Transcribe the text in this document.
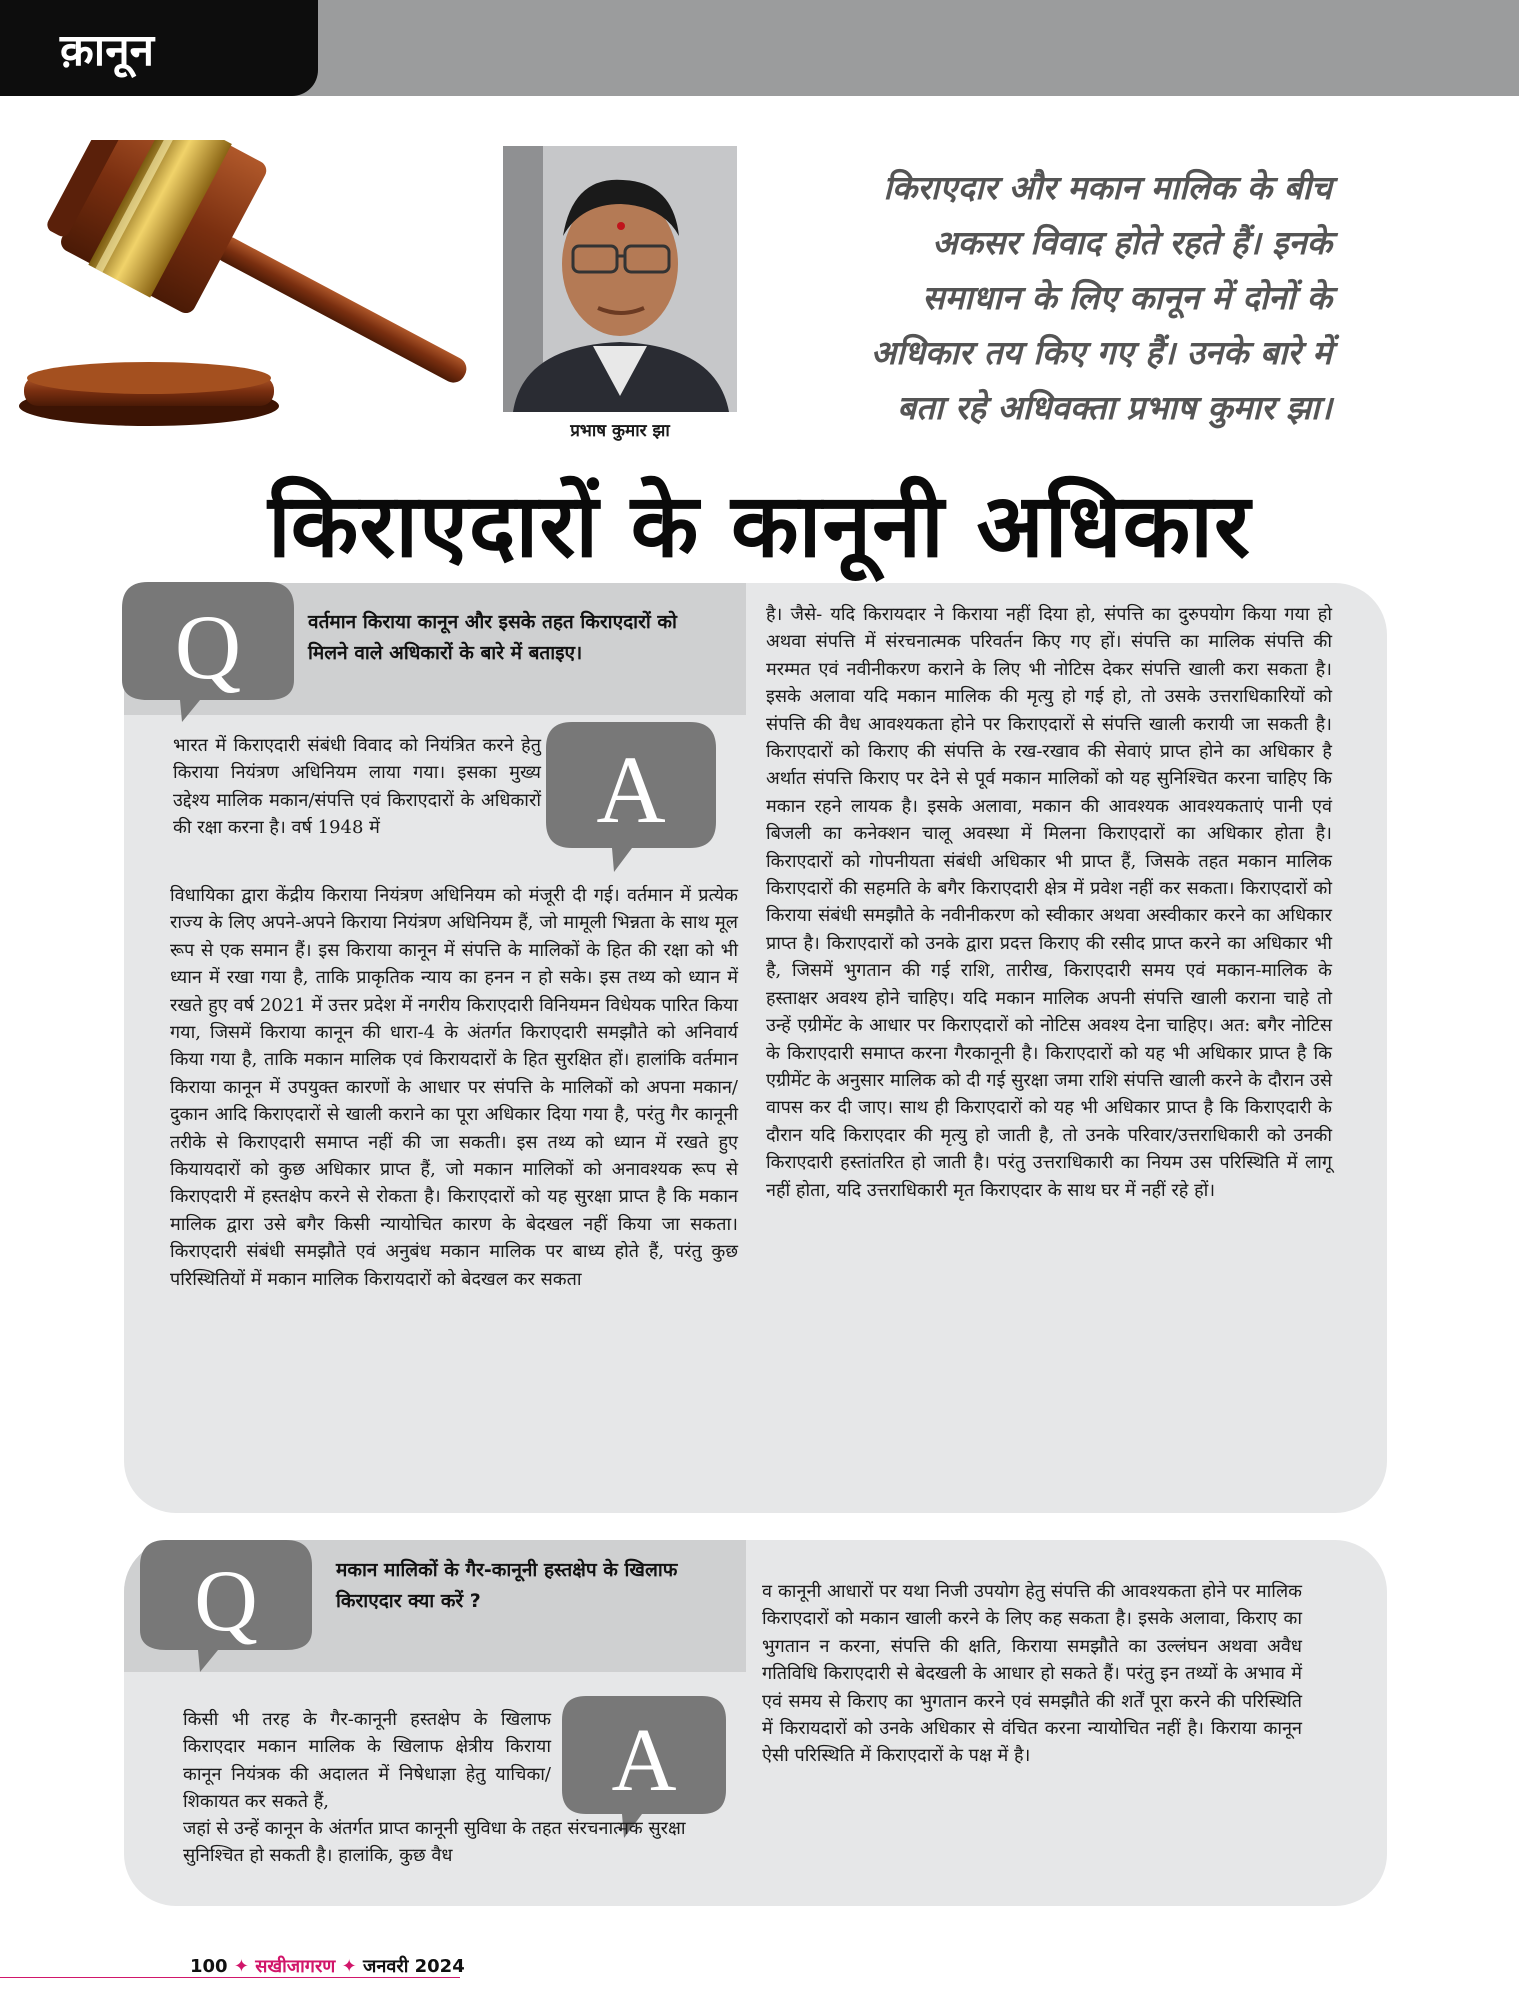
क़ानून
प्रभाष कुमार झा
किराएदार और मकान मालिक के बीच
अकसर विवाद होते रहते हैं। इनके
समाधान के लिए कानून में दोनों के
अधिकार तय किए गए हैं। उनके बारे में
बता रहे अधिवक्ता प्रभाष कुमार झा।
किराएदारों के कानूनी अधिकार
Q	वर्तमान किराया कानून और इसके तहत किराएदारों को मिलने वाले अधिकारों के बारे में बताइए।
A
भारत में किराएदारी संबंधी विवाद को नियंत्रित करने हेतु किराया नियंत्रण अधिनियम लाया गया। इसका मुख्य उद्देश्य मालिक मकान/संपत्ति एवं किराएदारों के अधिकारों की रक्षा करना है। वर्ष 1948 में
विधायिका द्वारा केंद्रीय किराया नियंत्रण अधिनियम को मंजूरी दी गई। वर्तमान में प्रत्येक राज्य के लिए अपने-अपने किराया नियंत्रण अधिनियम हैं, जो मामूली भिन्नता के साथ मूल रूप से एक समान हैं। इस किराया कानून में संपत्ति के मालिकों के हित की रक्षा को भी ध्यान में रखा गया है, ताकि प्राकृतिक न्याय का हनन न हो सके। इस तथ्य को ध्यान में रखते हुए वर्ष 2021 में उत्तर प्रदेश में नगरीय किराएदारी विनियमन विधेयक पारित किया गया, जिसमें किराया कानून की धारा-4 के अंतर्गत किराएदारी समझौते को अनिवार्य किया गया है, ताकि मकान मालिक एवं किरायदारों के हित सुरक्षित हों। हालांकि वर्तमान किराया कानून में उपयुक्त कारणों के आधार पर संपत्ति के मालिकों को अपना मकान/दुकान आदि किराएदारों से खाली कराने का पूरा अधिकार दिया गया है, परंतु गैर कानूनी तरीके से किराएदारी समाप्त नहीं की जा सकती। इस तथ्य को ध्यान में रखते हुए कियायदारों को कुछ अधिकार प्राप्त हैं, जो मकान मालिकों को अनावश्यक रूप से किराएदारी में हस्तक्षेप करने से रोकता है। किराएदारों को यह सुरक्षा प्राप्त है कि मकान मालिक द्वारा उसे बगैर किसी न्यायोचित कारण के बेदखल नहीं किया जा सकता। किराएदारी संबंधी समझौते एवं अनुबंध मकान मालिक पर बाध्य होते हैं, परंतु कुछ परिस्थितियों में मकान मालिक किरायदारों को बेदखल कर सकता
है। जैसे- यदि किरायदार ने किराया नहीं दिया हो, संपत्ति का दुरुपयोग किया गया हो अथवा संपत्ति में संरचनात्मक परिवर्तन किए गए हों। संपत्ति का मालिक संपत्ति की मरम्मत एवं नवीनीकरण कराने के लिए भी नोटिस देकर संपत्ति खाली करा सकता है। इसके अलावा यदि मकान मालिक की मृत्यु हो गई हो, तो उसके उत्तराधिकारियों को संपत्ति की वैध आवश्यकता होने पर किराएदारों से संपत्ति खाली करायी जा सकती है। किराएदारों को किराए की संपत्ति के रख-रखाव की सेवाएं प्राप्त होने का अधिकार है अर्थात संपत्ति किराए पर देने से पूर्व मकान मालिकों को यह सुनिश्चित करना चाहिए कि मकान रहने लायक है। इसके अलावा, मकान की आवश्यक आवश्यकताएं पानी एवं बिजली का कनेक्शन चालू अवस्था में मिलना किराएदारों का अधिकार होता है। किराएदारों को गोपनीयता संबंधी अधिकार भी प्राप्त हैं, जिसके तहत मकान मालिक किराएदारों की सहमति के बगैर किराएदारी क्षेत्र में प्रवेश नहीं कर सकता। किराएदारों को किराया संबंधी समझौते के नवीनीकरण को स्वीकार अथवा अस्वीकार करने का अधिकार प्राप्त है। किराएदारों को उनके द्वारा प्रदत्त किराए की रसीद प्राप्त करने का अधिकार भी है, जिसमें भुगतान की गई राशि, तारीख, किराएदारी समय एवं मकान-मालिक के हस्ताक्षर अवश्य होने चाहिए। यदि मकान मालिक अपनी संपत्ति खाली कराना चाहे तो उन्हें एग्रीमेंट के आधार पर किराएदारों को नोटिस अवश्य देना चाहिए। अत: बगैर नोटिस के किराएदारी समाप्त करना गैरकानूनी है। किराएदारों को यह भी अधिकार प्राप्त है कि एग्रीमेंट के अनुसार मालिक को दी गई सुरक्षा जमा राशि संपत्ति खाली करने के दौरान उसे वापस कर दी जाए। साथ ही किराएदारों को यह भी अधिकार प्राप्त है कि किराएदारी के दौरान यदि किराएदार की मृत्यु हो जाती है, तो उनके परिवार/उत्तराधिकारी को उनकी किराएदारी हस्तांतरित हो जाती है। परंतु उत्तराधिकारी का नियम उस परिस्थिति में लागू नहीं होता, यदि उत्तराधिकारी मृत किराएदार के साथ घर में नहीं रहे हों।
Q	मकान मालिकों के गैर-कानूनी हस्तक्षेप के खिलाफ किराएदार क्या करें ?
A
किसी भी तरह के गैर-कानूनी हस्तक्षेप के खिलाफ किराएदार मकान मालिक के खिलाफ क्षेत्रीय किराया कानून नियंत्रक की अदालत में निषेधाज्ञा हेतु याचिका/शिकायत कर सकते हैं,
जहां से उन्हें कानून के अंतर्गत प्राप्त कानूनी सुविधा के तहत संरचनात्मक सुरक्षा सुनिश्चित हो सकती है। हालांकि, कुछ वैध
व कानूनी आधारों पर यथा निजी उपयोग हेतु संपत्ति की आवश्यकता होने पर मालिक किराएदारों को मकान खाली करने के लिए कह सकता है। इसके अलावा, किराए का भुगतान न करना, संपत्ति की क्षति, किराया समझौते का उल्लंघन अथवा अवैध गतिविधि किराएदारी से बेदखली के आधार हो सकते हैं। परंतु इन तथ्यों के अभाव में एवं समय से किराए का भुगतान करने एवं समझौते की शर्तें पूरा करने की परिस्थिति में किरायदारों को उनके अधिकार से वंचित करना न्यायोचित नहीं है। किराया कानून ऐसी परिस्थिति में किराएदारों के पक्ष में है।
100 ✦ सखीजागरण ✦ जनवरी 2024
